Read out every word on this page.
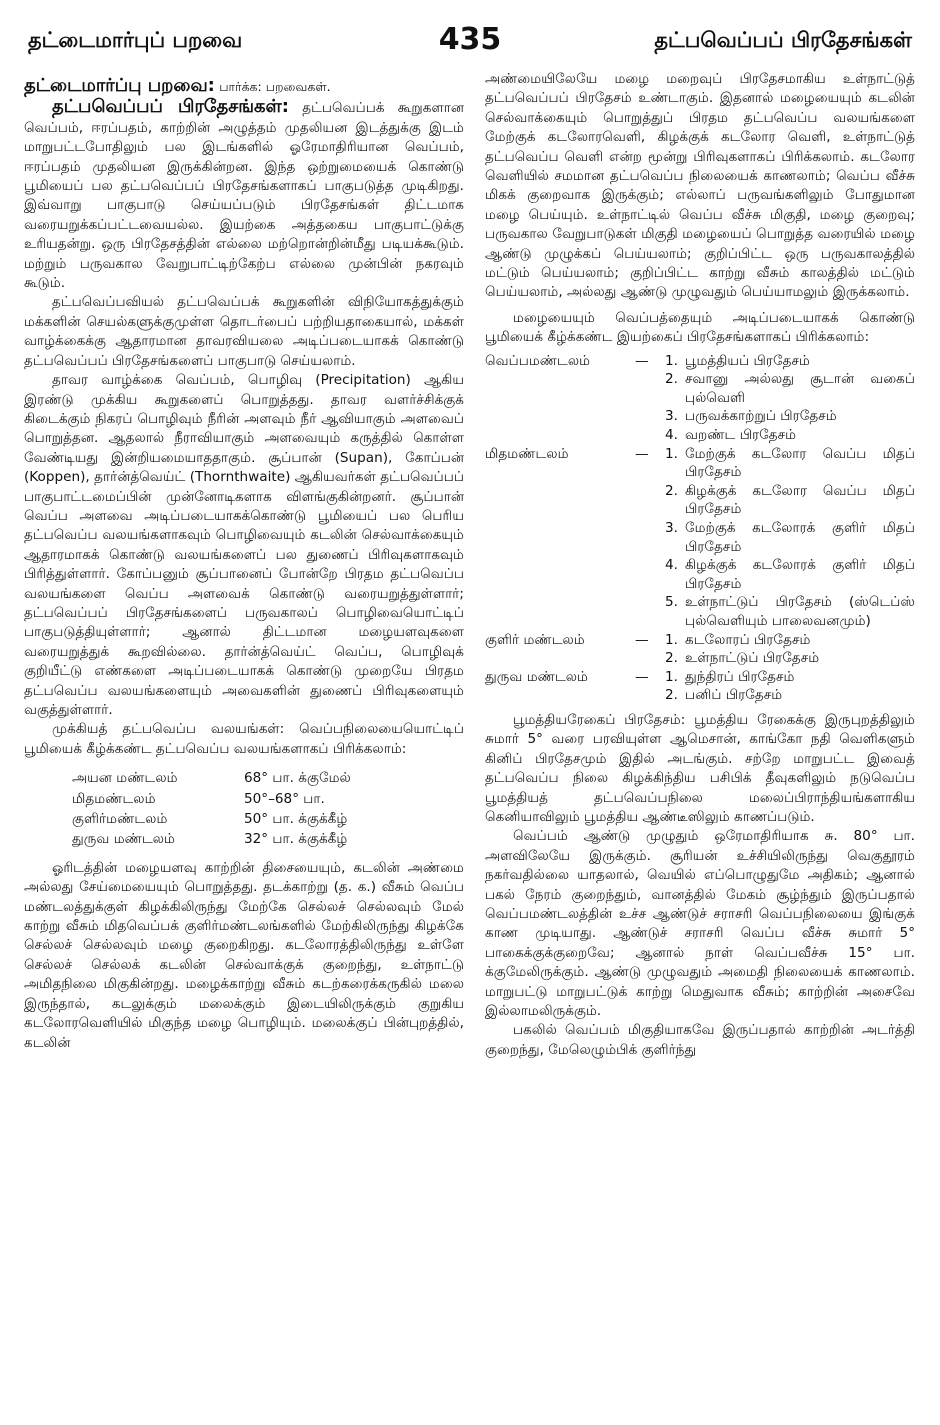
தட்டைமார்புப் பறவை	435	தட்பவெப்பப் பிரதேசங்கள்

தட்டைமார்ப்பு பறவை: பார்க்க: பறவைகள்.

தட்பவெப்பப் பிரதேசங்கள்: தட்பவெப்பக் கூறுகளான வெப்பம், ஈரப்பதம், காற்றின் அழுத்தம் முதலியன இடத்துக்கு இடம் மாறுபட்டபோதிலும் பல இடங்களில் ஓரேமாதிரியான வெப்பம், ஈரப்பதம் முதலியன இருக்கின்றன. இந்த ஒற்றுமையைக் கொண்டு பூமியைப் பல தட்பவெப்பப் பிரதேசங்களாகப் பாகுபடுத்த முடிகிறது. இவ்வாறு பாகுபாடு செய்யப்படும் பிரதேசங்கள் திட்டமாக வரையறுக்கப்பட்டவையல்ல. இயற்கை அத்தகைய பாகுபாட்டுக்கு உரியதன்று. ஒரு பிரதேசத்தின் எல்லை மற்றொன்றின்மீது படியக்கூடும். மற்றும் பருவகால வேறுபாட்டிற்கேற்ப எல்லை முன்பின் நகரவும் கூடும்.

தட்பவெப்பவியல் தட்பவெப்பக் கூறுகளின் விநியோகத்துக்கும் மக்களின் செயல்களுக்குமுள்ள தொடர்பைப் பற்றியதாகையால், மக்கள் வாழ்க்கைக்கு ஆதாரமான தாவரவியலை அடிப்படையாகக் கொண்டு தட்பவெப்பப் பிரதேசங்களைப் பாகுபாடு செய்யலாம்.

தாவர வாழ்க்கை வெப்பம், பொழிவு (Precipitation) ஆகிய இரண்டு முக்கிய கூறுகளைப் பொறுத்தது. தாவர வளர்ச்சிக்குக் கிடைக்கும் நிகரப் பொழிவும் நீரின் அளவும் நீர் ஆவியாகும் அளவைப் பொறுத்தன. ஆதலால் நீராவியாகும் அளவையும் கருத்தில் கொள்ள வேண்டியது இன்றியமையாததாகும். சூப்பான் (Supan), கோப்பன் (Koppen), தார்ன்த்வெய்ட் (Thornthwaite) ஆகியவர்கள் தட்பவெப்பப் பாகுபாட்டமைப்பின் முன்னோடிகளாக விளங்குகின்றனர். சூப்பான் வெப்ப அளவை அடிப்படையாகக்கொண்டு பூமியைப் பல பெரிய தட்பவெப்ப வலயங்களாகவும் பொழிவையும் கடலின் செல்வாக்கையும் ஆதாரமாகக் கொண்டு வலயங்களைப் பல துணைப் பிரிவுகளாகவும் பிரித்துள்ளார். கோப்பனும் சூப்பானைப் போன்றே பிரதம தட்பவெப்ப வலயங்களை வெப்ப அளவைக் கொண்டு வரையறுத்துள்ளார்; தட்பவெப்பப் பிரதேசங்களைப் பருவகாலப் பொழிவையொட்டிப் பாகுபடுத்தியுள்ளார்; ஆனால் திட்டமான மழையளவுகளை வரையறுத்துக் கூறவில்லை. தார்ன்த்வெய்ட் வெப்ப, பொழிவுக் குறியீட்டு எண்களை அடிப்படையாகக் கொண்டு முறையே பிரதம தட்பவெப்ப வலயங்களையும் அவைகளின் துணைப் பிரிவுகளையும் வகுத்துள்ளார்.

முக்கியத் தட்பவெப்ப வலயங்கள்: வெப்பநிலையையொட்டிப் பூமியைக் கீழ்க்கண்ட தட்பவெப்ப வலயங்களாகப் பிரிக்கலாம்:

அயன மண்டலம்	68° பா. க்குமேல்
மிதமண்டலம்	50°–68° பா.
குளிர்மண்டலம்	50° பா. க்குக்கீழ்
துருவ மண்டலம்	32° பா. க்குக்கீழ்

ஓரிடத்தின் மழையளவு காற்றின் திசையையும், கடலின் அண்மை அல்லது சேய்மையையும் பொறுத்தது. தடக்காற்று (த. க.) வீசும் வெப்ப மண்டலத்துக்குள் கிழக்கிலிருந்து மேற்கே செல்லச் செல்லவும் மேல் காற்று வீசும் மிதவெப்பக் குளிர்மண்டலங்களில் மேற்கிலிருந்து கிழக்கே செல்லச் செல்லவும் மழை குறைகிறது. கடலோரத்திலிருந்து உள்ளே செல்லச் செல்லக் கடலின் செல்வாக்குக் குறைந்து, உள்நாட்டு அமிதநிலை மிகுகின்றது. மழைக்காற்று வீசும் கடற்கரைக்கருகில் மலை இருந்தால், கடலுக்கும் மலைக்கும் இடையிலிருக்கும் குறுகிய கடலோரவெளியில் மிகுந்த மழை பொழியும். மலைக்குப் பின்புறத்தில், கடலின்

அண்மையிலேயே மழை மறைவுப் பிரதேசமாகிய உள்நாட்டுத் தட்பவெப்பப் பிரதேசம் உண்டாகும். இதனால் மழையையும் கடலின் செல்வாக்கையும் பொறுத்துப் பிரதம தட்பவெப்ப வலயங்களை மேற்குக் கடலோரவெளி, கிழக்குக் கடலோர வெளி, உள்நாட்டுத் தட்பவெப்ப வெளி என்ற மூன்று பிரிவுகளாகப் பிரிக்கலாம். கடலோர வெளியில் சமமான தட்பவெப்ப நிலையைக் காணலாம்; வெப்ப வீச்சு மிகக் குறைவாக இருக்கும்; எல்லாப் பருவங்களிலும் போதுமான மழை பெய்யும். உள்நாட்டில் வெப்ப வீச்சு மிகுதி, மழை குறைவு; பருவகால வேறுபாடுகள் மிகுதி மழையைப் பொறுத்த வரையில் மழை ஆண்டு முழுக்கப் பெய்யலாம்; குறிப்பிட்ட ஒரு பருவகாலத்தில் மட்டும் பெய்யலாம்; குறிப்பிட்ட காற்று வீசும் காலத்தில் மட்டும் பெய்யலாம், அல்லது ஆண்டு முழுவதும் பெய்யாமலும் இருக்கலாம்.

மழையையும் வெப்பத்தையும் அடிப்படையாகக் கொண்டு பூமியைக் கீழ்க்கண்ட இயற்கைப் பிரதேசங்களாகப் பிரிக்கலாம்:

வெப்பமண்டலம்	—	1.	பூமத்தியப் பிரதேசம்
		2.	சவானு அல்லது சூடான் வகைப் புல்வெளி
		3.	பருவக்காற்றுப் பிரதேசம்
		4.	வறண்ட பிரதேசம்
மிதமண்டலம்	—	1.	மேற்குக் கடலோர வெப்ப மிதப் பிரதேசம்
		2.	கிழக்குக் கடலோர வெப்ப மிதப் பிரதேசம்
		3.	மேற்குக் கடலோரக் குளிர் மிதப் பிரதேசம்
		4.	கிழக்குக் கடலோரக் குளிர் மிதப் பிரதேசம்
		5.	உள்நாட்டுப் பிரதேசம் (ஸ்டெப்ஸ் புல்வெளியும் பாலைவனமும்)
குளிர் மண்டலம்	—	1.	கடலோரப் பிரதேசம்
		2.	உள்நாட்டுப் பிரதேசம்
துருவ மண்டலம்	—	1.	துந்திரப் பிரதேசம்
		2.	பனிப் பிரதேசம்

பூமத்தியரேகைப் பிரதேசம்: பூமத்திய ரேகைக்கு இருபுறத்திலும் சுமார் 5° வரை பரவியுள்ள ஆமெசான், காங்கோ நதி வெளிகளும் கினிப் பிரதேசமும் இதில் அடங்கும். சற்றே மாறுபட்ட இவைத் தட்பவெப்ப நிலை கிழக்கிந்திய பசிபிக் தீவுகளிலும் நடுவெப்ப பூமத்தியத் தட்பவெப்பநிலை மலைப்பிராந்தியங்களாகிய கெனியாவிலும் பூமத்திய ஆண்டீஸிலும் காணப்படும்.

வெப்பம் ஆண்டு முழுதும் ஒரேமாதிரியாக சு. 80° பா. அளவிலேயே இருக்கும். சூரியன் உச்சியிலிருந்து வெகுதூரம் நகர்வதில்லை யாதலால், வெயில் எப்பொழுதுமே அதிகம்; ஆனால் பகல் நேரம் குறைந்தும், வானத்தில் மேகம் சூழ்ந்தும் இருப்பதால் வெப்பமண்டலத்தின் உச்ச ஆண்டுச் சராசரி வெப்பநிலையை இங்குக் காண முடியாது. ஆண்டுச் சராசரி வெப்ப வீச்சு சுமார் 5° பாகைக்குக்குறைவே; ஆனால் நாள் வெப்பவீச்சு 15° பா. க்குமேலிருக்கும். ஆண்டு முழுவதும் அமைதி நிலையைக் காணலாம். மாறுபட்டு மாறுபட்டுக் காற்று மெதுவாக வீசும்; காற்றின் அசைவே இல்லாமலிருக்கும்.

பகலில் வெப்பம் மிகுதியாகவே இருப்பதால் காற்றின் அடர்த்தி குறைந்து, மேலெழும்பிக் குளிர்ந்து
